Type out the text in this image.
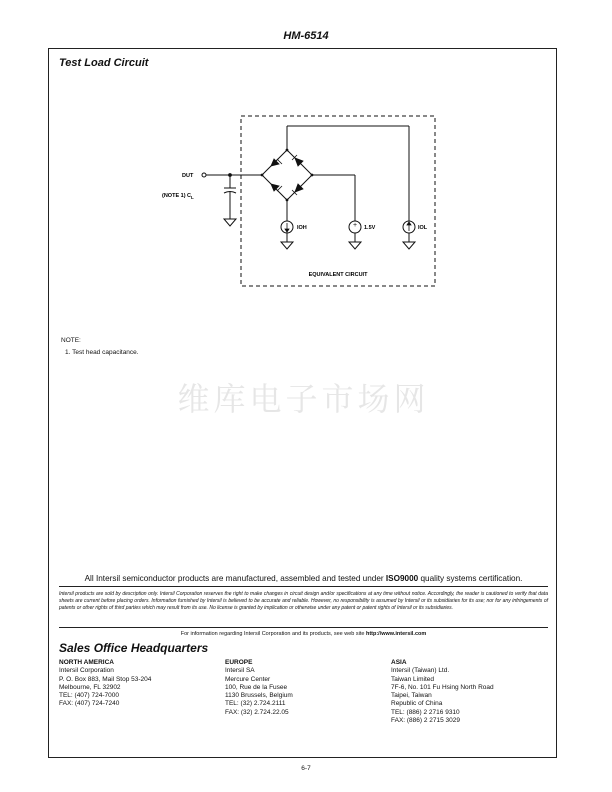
HM-6514
Test Load Circuit
+
DUT
(NOTE 1) $C_L$
IOH	1.5V	IOL
EQUIVALENT CIRCUIT
NOTE:
1. Test head capacitance.
维库电子市场网
All Intersil semiconductor products are manufactured, assembled and tested under ISO9000 quality systems certification.
Intersil products are sold by description only. Intersil Corporation reserves the right to make changes in circuit design and/or specifications at any time without notice. Accordingly, the reader is cautioned to verify that data sheets are current before placing orders. Information furnished by Intersil is believed to be accurate and reliable. However, no responsibility is assumed by Intersil or its subsidiaries for its use; nor for any infringements of patents or other rights of third parties which may result from its use. No license is granted by implication or otherwise under any patent or patent rights of Intersil or its subsidiaries.
For information regarding Intersil Corporation and its products, see web site http://www.intersil.com
Sales Office Headquarters
NORTH AMERICA
Intersil Corporation
P. O. Box 883, Mail Stop 53-204
Melbourne, FL 32902
TEL: (407) 724-7000
FAX: (407) 724-7240
EUROPE
Intersil SA
Mercure Center
100, Rue de la Fusee
1130 Brussels, Belgium
TEL: (32) 2.724.2111
FAX: (32) 2.724.22.05
ASIA
Intersil (Taiwan) Ltd.
Taiwan Limited
7F-6, No. 101 Fu Hsing North Road
Taipei, Taiwan
Republic of China
TEL: (886) 2 2716 9310
FAX: (886) 2 2715 3029
6-7
